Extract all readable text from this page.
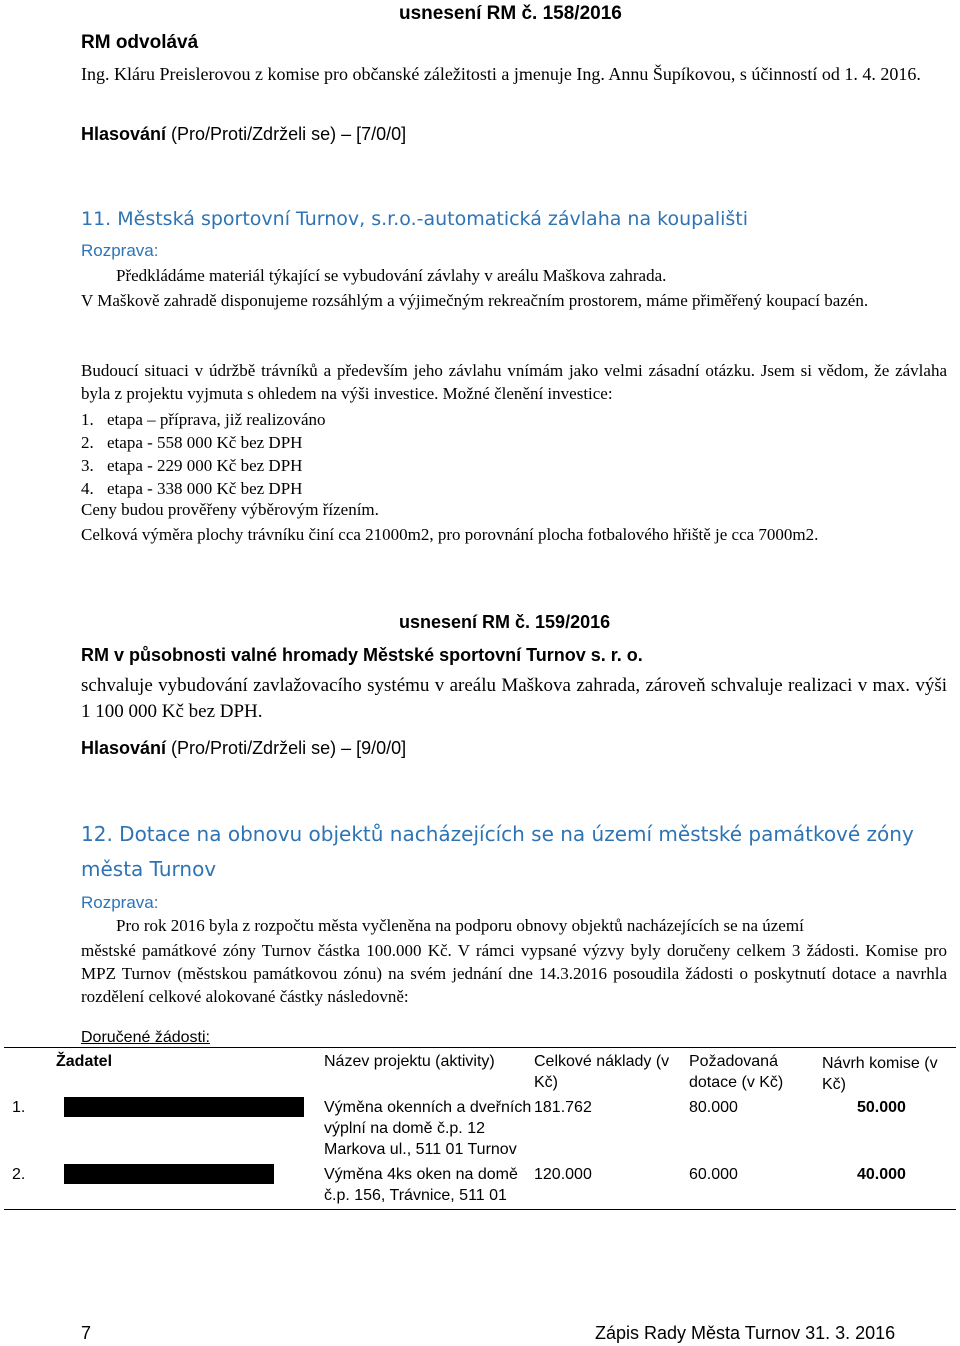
usnesení RM č. 158/2016
RM odvolává
Ing. Kláru Preislerovou z komise pro občanské záležitosti a jmenuje Ing. Annu Šupíkovou, s účinností od 1. 4. 2016.
Hlasování (Pro/Proti/Zdrželi se) – [7/0/0]
11. Městská sportovní Turnov, s.r.o.-automatická závlaha na koupališti
Rozprava:
Předkládáme materiál týkající se vybudování závlahy v areálu Maškova zahrada.
V Maškově zahradě disponujeme rozsáhlým a výjimečným rekreačním prostorem, máme přiměřený koupací bazén.
Budoucí situaci v údržbě trávníků a především jeho závlahu vnímám jako velmi zásadní otázku. Jsem si vědom, že závlaha byla z projektu vyjmuta s ohledem na výši investice. Možné členění investice:
1. etapa – příprava, již realizováno
2. etapa - 558 000 Kč bez DPH
3. etapa - 229 000 Kč bez DPH
4. etapa - 338 000 Kč bez DPH
Ceny budou prověřeny výběrovým řízením.
Celková výměra plochy trávníku činí cca 21000m2, pro porovnání plocha fotbalového hřiště je cca 7000m2.
usnesení RM č. 159/2016
RM v působnosti valné hromady Městské sportovní Turnov s. r. o.
schvaluje vybudování zavlažovacího systému v areálu Maškova zahrada, zároveň schvaluje realizaci v max. výši 1 100 000 Kč bez DPH.
Hlasování (Pro/Proti/Zdrželi se) – [9/0/0]
12. Dotace na obnovu objektů nacházejících se na území městské památkové zóny
města Turnov
Rozprava:
Pro rok 2016 byla z rozpočtu města vyčleněna na podporu obnovy objektů nacházejících se na území
městské památkové zóny Turnov částka 100.000 Kč. V rámci vypsané výzvy byly doručeny celkem 3 žádosti. Komise pro MPZ Turnov (městskou památkovou zónu) na svém jednání dne 14.3.2016 posoudila žádosti o poskytnutí dotace a navrhla rozdělení celkové alokované částky následovně:
Doručené žádosti:
	Žadatel	Název projektu (aktivity)	Celkové náklady (v Kč)	Požadovaná dotace (v Kč)	Návrh komise (v Kč)
1.		Výměna okenních a dveřních výplní na domě č.p. 12 Markova ul., 511 01 Turnov	181.762	80.000	50.000
2.		Výměna 4ks oken na domě č.p. 156, Trávnice, 511 01	120.000	60.000	40.000
7	Zápis Rady Města Turnov 31. 3. 2016
